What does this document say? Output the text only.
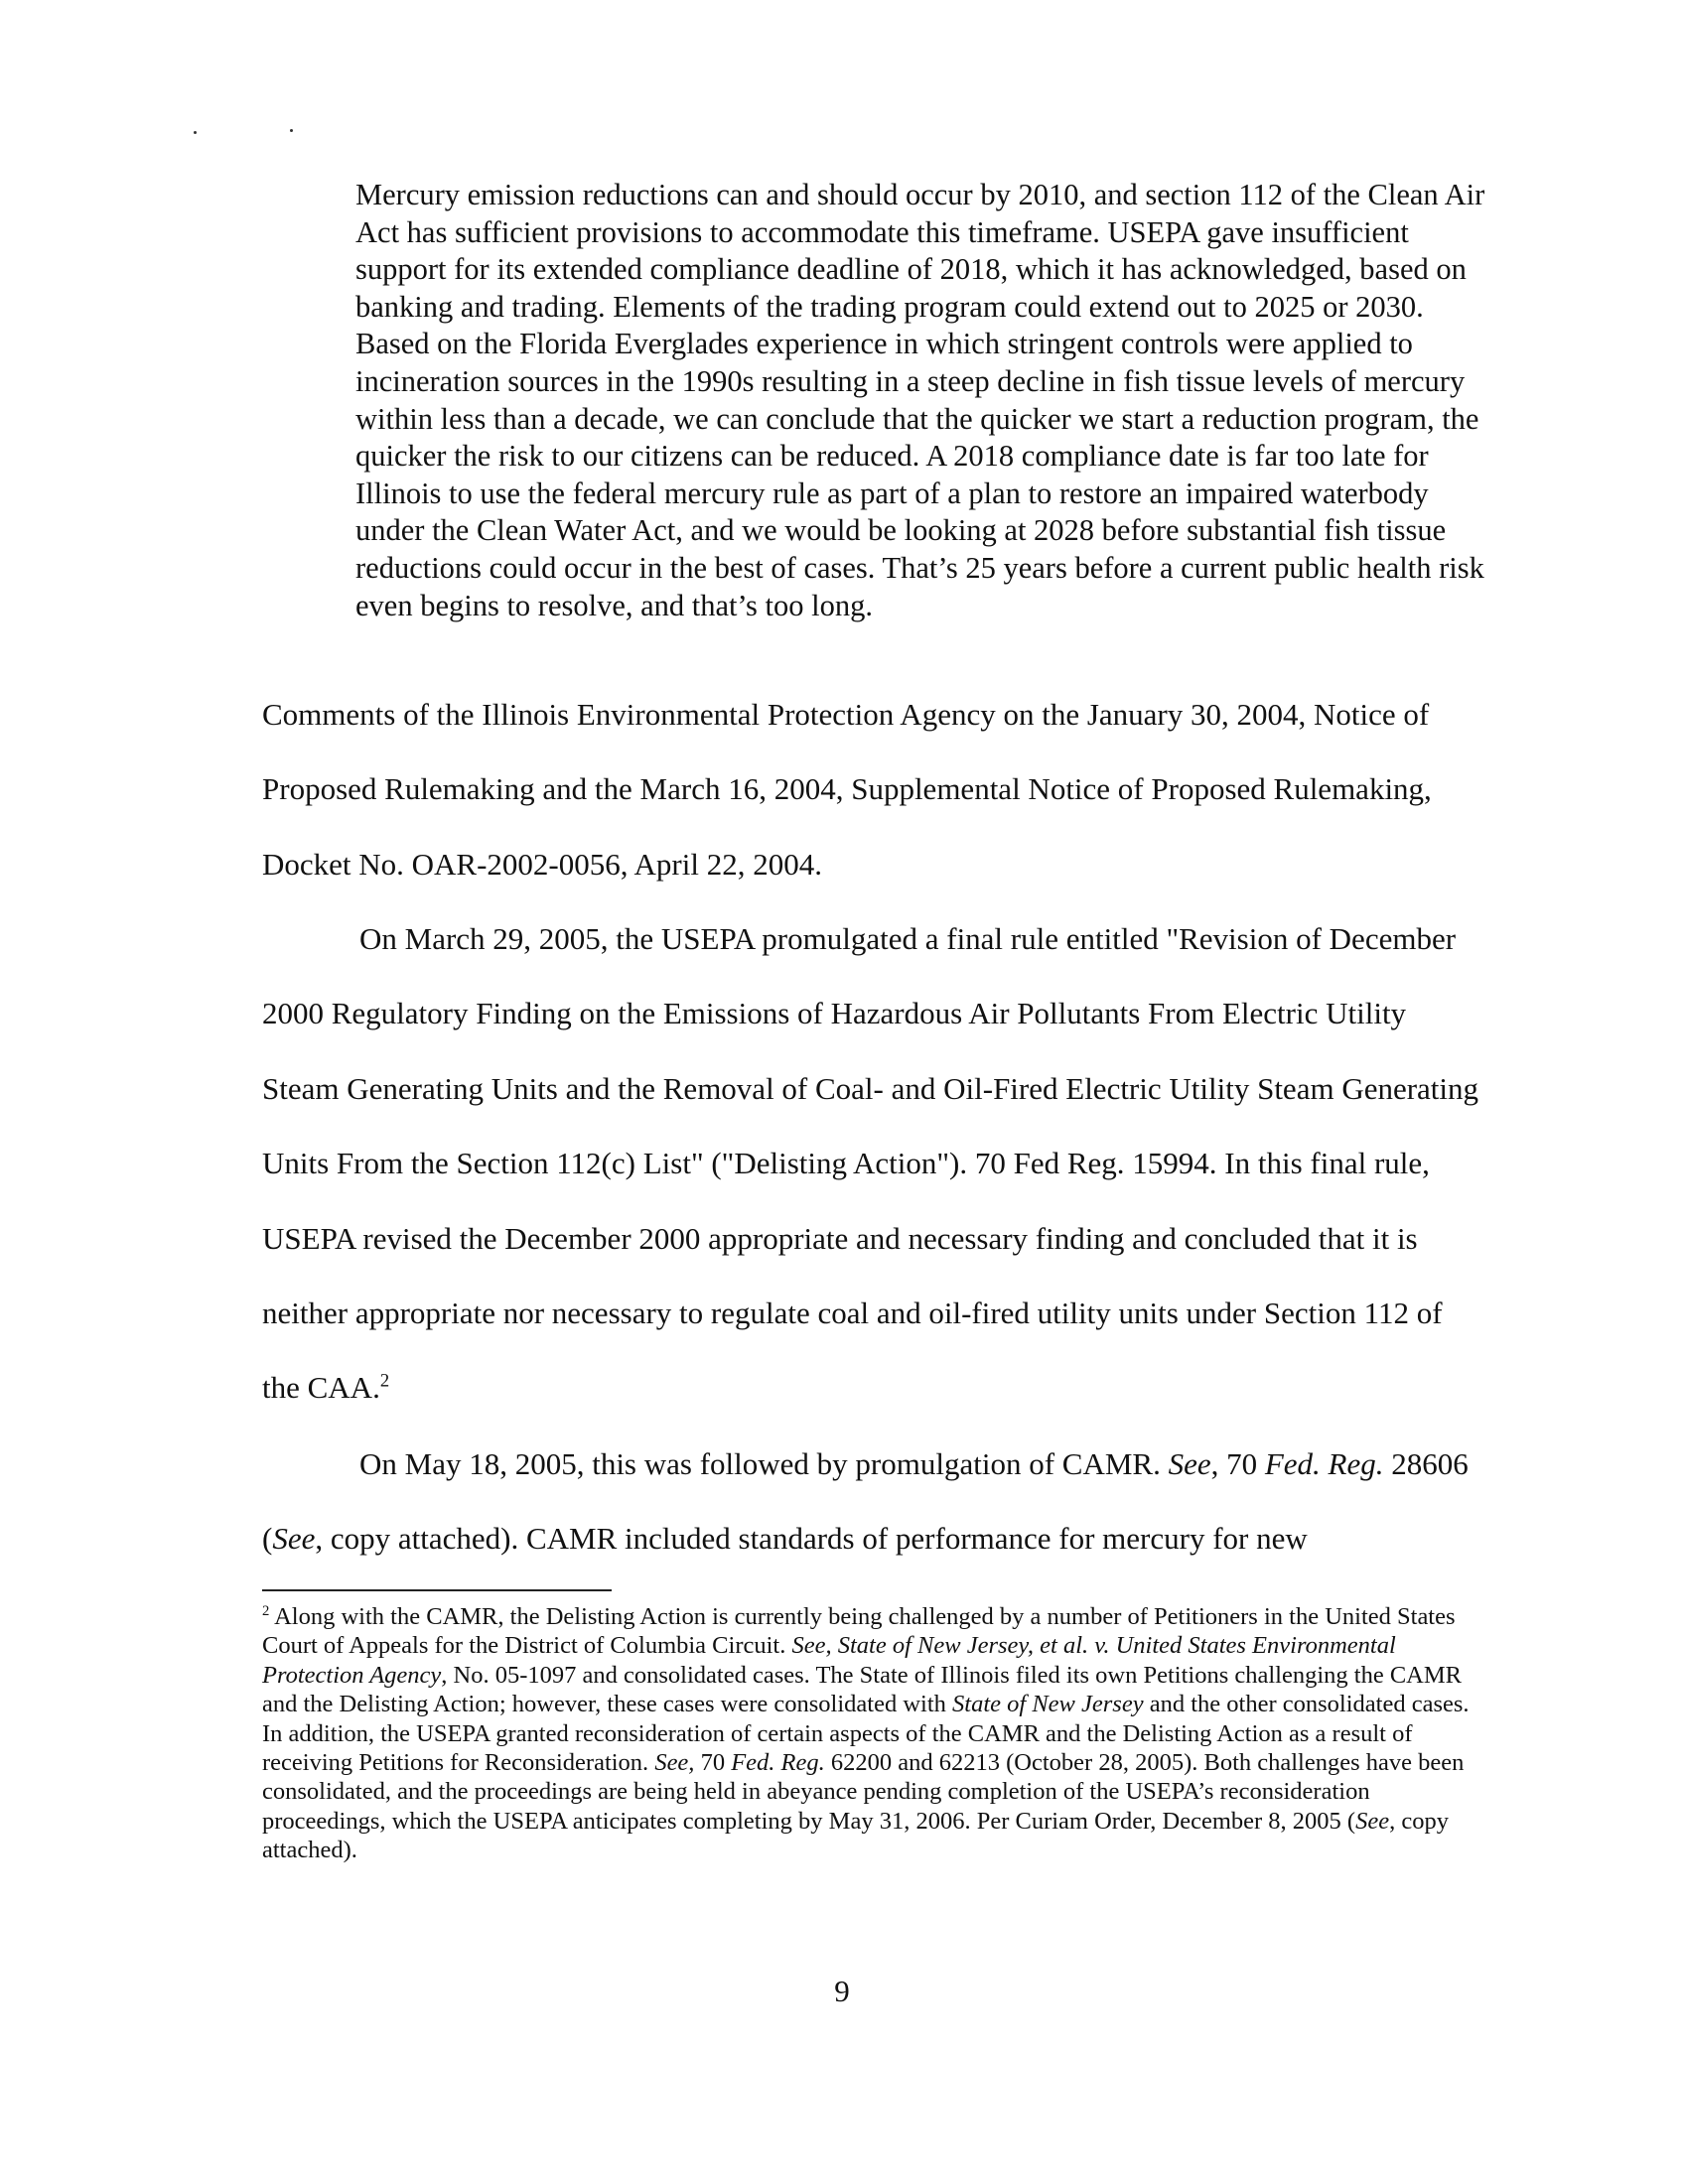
Mercury emission reductions can and should occur by 2010, and section 112 of the Clean Air Act has sufficient provisions to accommodate this timeframe. USEPA gave insufficient support for its extended compliance deadline of 2018, which it has acknowledged, based on banking and trading. Elements of the trading program could extend out to 2025 or 2030. Based on the Florida Everglades experience in which stringent controls were applied to incineration sources in the 1990s resulting in a steep decline in fish tissue levels of mercury within less than a decade, we can conclude that the quicker we start a reduction program, the quicker the risk to our citizens can be reduced. A 2018 compliance date is far too late for Illinois to use the federal mercury rule as part of a plan to restore an impaired waterbody under the Clean Water Act, and we would be looking at 2028 before substantial fish tissue reductions could occur in the best of cases. That’s 25 years before a current public health risk even begins to resolve, and that’s too long.

Comments of the Illinois Environmental Protection Agency on the January 30, 2004, Notice of Proposed Rulemaking and the March 16, 2004, Supplemental Notice of Proposed Rulemaking, Docket No. OAR-2002-0056, April 22, 2004.

On March 29, 2005, the USEPA promulgated a final rule entitled "Revision of December 2000 Regulatory Finding on the Emissions of Hazardous Air Pollutants From Electric Utility Steam Generating Units and the Removal of Coal- and Oil-Fired Electric Utility Steam Generating Units From the Section 112(c) List" ("Delisting Action"). 70 Fed Reg. 15994. In this final rule, USEPA revised the December 2000 appropriate and necessary finding and concluded that it is neither appropriate nor necessary to regulate coal and oil-fired utility units under Section 112 of the CAA.$^2$

On May 18, 2005, this was followed by promulgation of CAMR. See, 70 Fed. Reg. 28606 (See, copy attached). CAMR included standards of performance for mercury for new

$^2$ Along with the CAMR, the Delisting Action is currently being challenged by a number of Petitioners in the United States Court of Appeals for the District of Columbia Circuit. See, State of New Jersey, et al. v. United States Environmental Protection Agency, No. 05-1097 and consolidated cases. The State of Illinois filed its own Petitions challenging the CAMR and the Delisting Action; however, these cases were consolidated with State of New Jersey and the other consolidated cases. In addition, the USEPA granted reconsideration of certain aspects of the CAMR and the Delisting Action as a result of receiving Petitions for Reconsideration. See, 70 Fed. Reg. 62200 and 62213 (October 28, 2005). Both challenges have been consolidated, and the proceedings are being held in abeyance pending completion of the USEPA’s reconsideration proceedings, which the USEPA anticipates completing by May 31, 2006. Per Curiam Order, December 8, 2005 (See, copy attached).

9
